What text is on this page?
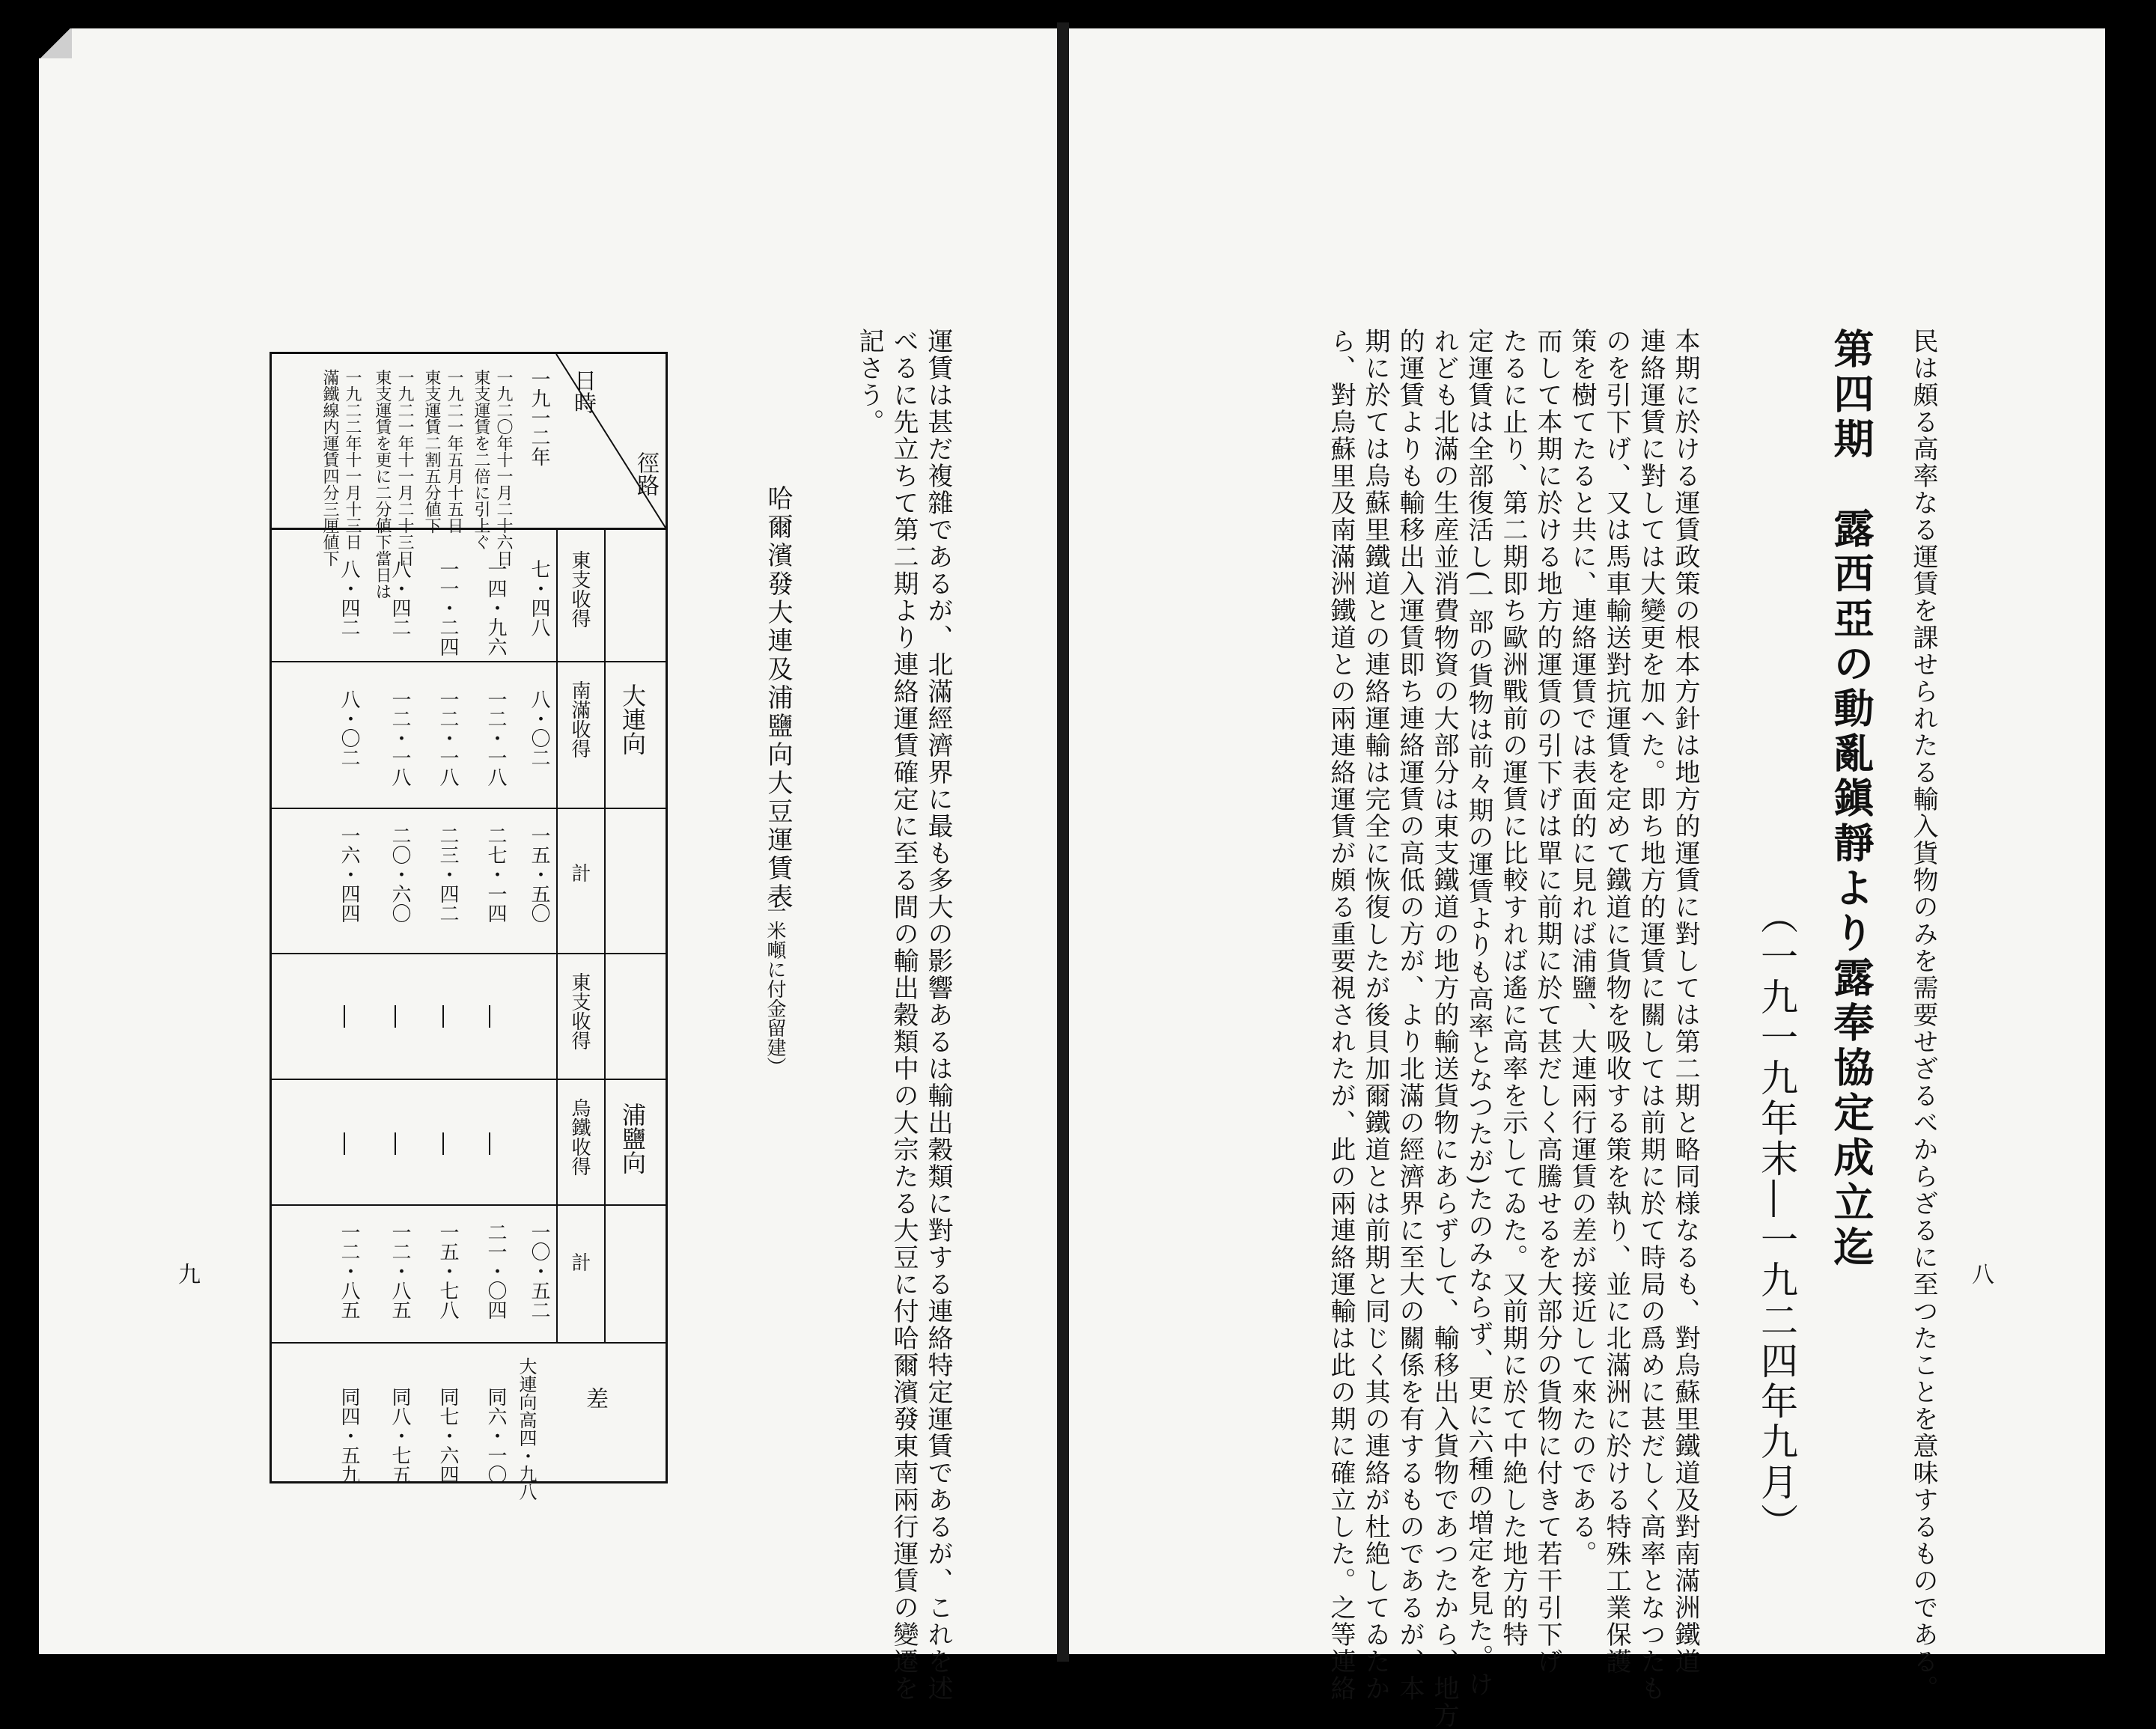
民は頗る高率なる運賃を課せられたる輸入貨物のみを需要せざるべからざるに至つたことを意味するものである。
第四期　露西亞の動亂鎭靜より露奉協定成立迄
（一九一九年末―一九二四年九月）
本期に於ける運賃政策の根本方針は地方的運賃に對しては第二期と略同様なるも、對烏蘇里鐵道及對南滿洲鐵道
連絡運賃に對しては大變更を加へた。即ち地方的運賃に關しては前期に於て時局の爲めに甚だしく高率となつたも
のを引下げ、又は馬車輸送對抗運賃を定めて鐵道に貨物を吸收する策を執り、並に北滿洲に於ける特殊工業保護
策を樹てたると共に、連絡運賃では表面的に見れば浦鹽、大連兩行運賃の差が接近して來たのである。
而して本期に於ける地方的運賃の引下げは單に前期に於て甚だしく高騰せるを大部分の貨物に付きて若干引下げ
たるに止り、第二期即ち歐洲戰前の運賃に比較すれば遙に高率を示してゐた。又前期に於て中絶した地方的特
定運賃は全部復活し(一部の貨物は前々期の運賃よりも高率となつたが)たのみならず、更に六種の増定を見た。け
れども北滿の生産並消費物資の大部分は東支鐵道の地方的輸送貨物にあらずして、輸移出入貨物であつたから、地方
的運賃よりも輸移出入運賃即ち連絡運賃の高低の方が、より北滿の經濟界に至大の關係を有するものであるが、本
期に於ては烏蘇里鐵道との連絡運輸は完全に恢復したが後貝加爾鐵道とは前期と同じく其の連絡が杜絶してゐたか
ら、對烏蘇里及南滿洲鐵道との兩連絡運賃が頗る重要視されたが、此の兩連絡運輸は此の期に確立した。之等連絡	八
運賃は甚だ複雜であるが、北滿經濟界に最も多大の影響あるは輸出穀類に對する連絡特定運賃であるが、これを述
べるに先立ちて第二期より連絡運賃確定に至る間の輸出穀類中の大宗たる大豆に付哈爾濱發東南兩行運賃の變遷を
記さう。
哈爾濱發大連及浦鹽向大豆運賃表
（一米噸に付金留建）
徑路
日時
大連向
浦鹽向
東支收得
南滿收得
計
東支收得
烏鐵收得
計
差
一九一二年
七・四八
八・〇二
一五・五〇
一〇・五二
大連向高四・九八
一九二〇年十一月二十六日
東支運賃を二倍に引上ぐ
一四・九六
一二・一八
二七・一四
二一・〇四
同六・一〇
一九二一年五月十五日
東支運賃二割五分値下
一一・二四
一二・一八
二三・四二
一五・七八
同七・六四
一九二一年十一月二十三日
東支運賃を更に二分値下當日は
八・四二
一二・一八
二〇・六〇
一二・八五
同八・七五
一九二二年十一月十三日
滿鐵線内運賃四分三厘値下
八・四二
八・〇二
一六・四四
一二・八五
同四・五九
九
